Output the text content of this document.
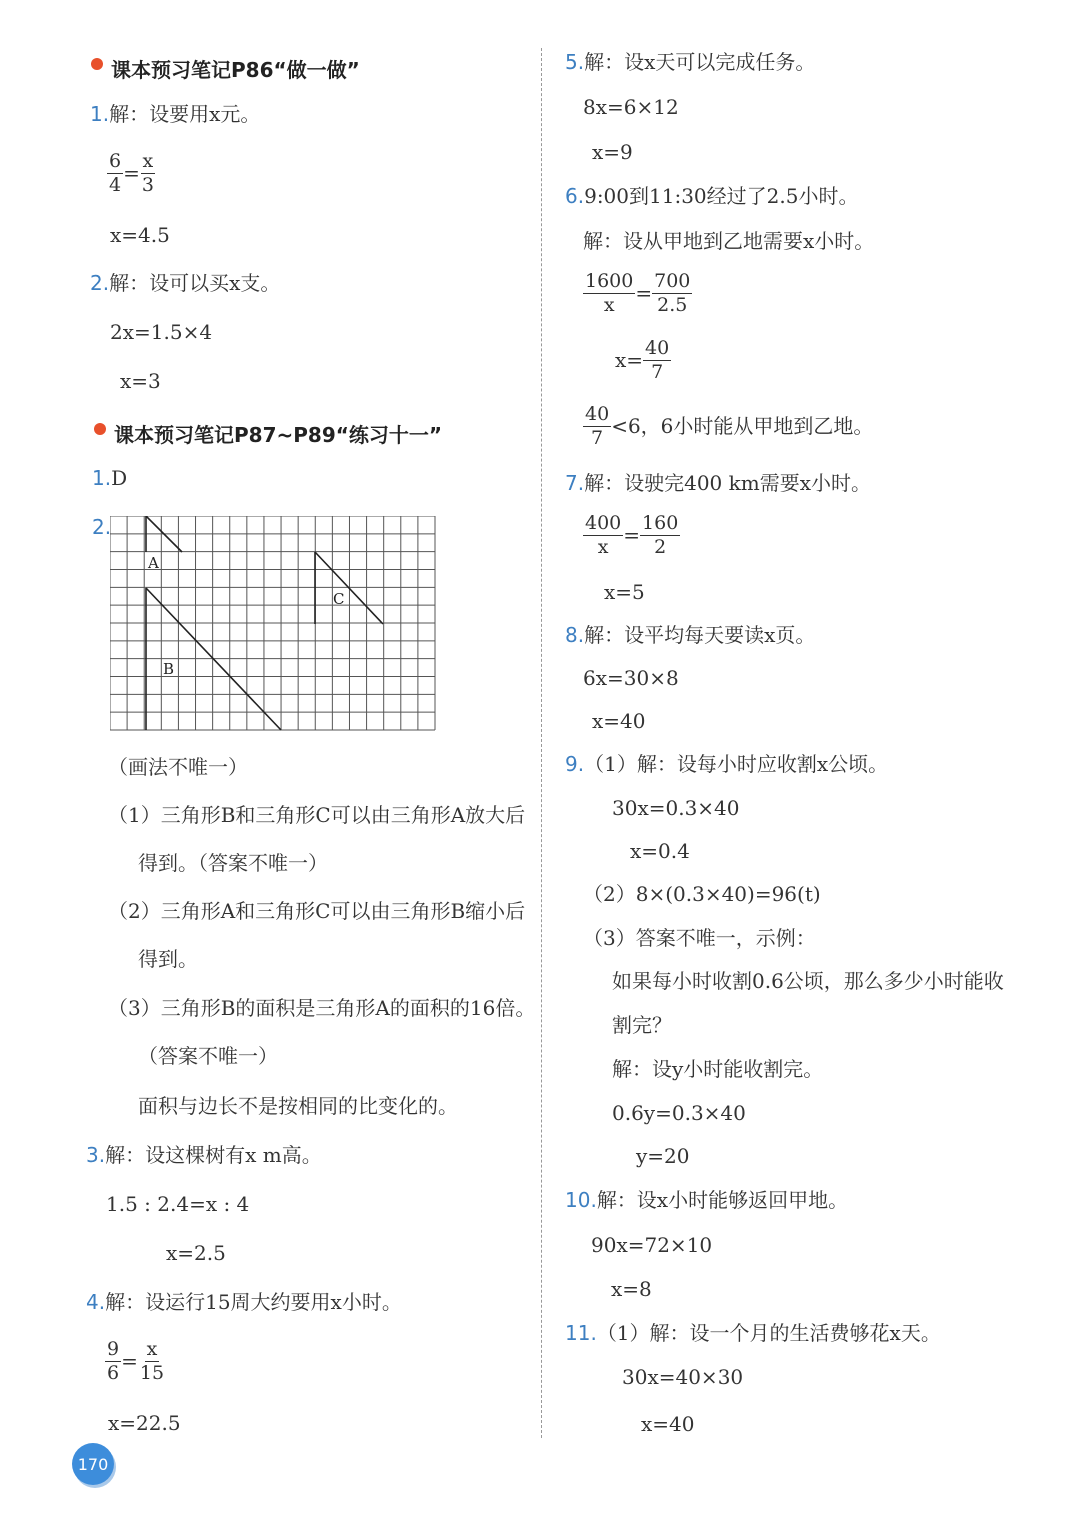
课本预习笔记P86“做一做”
1.解：设要用x元。
$\frac{6}{4} = \frac{x}{3}$
x=4.5
2.解：设可以买x支。
2x=1.5×4
x=3
课本预习笔记P87~P89“练习十一”
1.D
2.
A
B
C
（画法不唯一）
（1）三角形B和三角形C可以由三角形A放大后
得到。（答案不唯一）
（2）三角形A和三角形C可以由三角形B缩小后
得到。
（3）三角形B的面积是三角形A的面积的16倍。
（答案不唯一）
面积与边长不是按相同的比变化的。
3.解：设这棵树有x m高。
1.5 : 2.4=x : 4
x=2.5
4.解：设运行15周大约要用x小时。
$\frac{9}{6} = \frac{x}{15}$
x=22.5
170
5.解：设x天可以完成任务。
8x=6×12
x=9
6.9:00到11:30经过了2.5小时。
解：设从甲地到乙地需要x小时。
$\frac{1600}{x} = \frac{700}{2.5}$
$x= \frac{40}{7}$
$\frac{40}{7} <6$，6小时能从甲地到乙地。
7.解：设驶完400 km需要x小时。
$\frac{400}{x} = \frac{160}{2}$
x=5
8.解：设平均每天要读x页。
6x=30×8
x=40
9.（1）解：设每小时应收割x公顷。
30x=0.3×40
x=0.4
（2）8×(0.3×40)=96(t)
（3）答案不唯一，示例：
如果每小时收割0.6公顷，那么多少小时能收
割完？
解：设y小时能收割完。
0.6y=0.3×40
y=20
10.解：设x小时能够返回甲地。
90x=72×10
x=8
11.（1）解：设一个月的生活费够花x天。
30x=40×30
x=40
